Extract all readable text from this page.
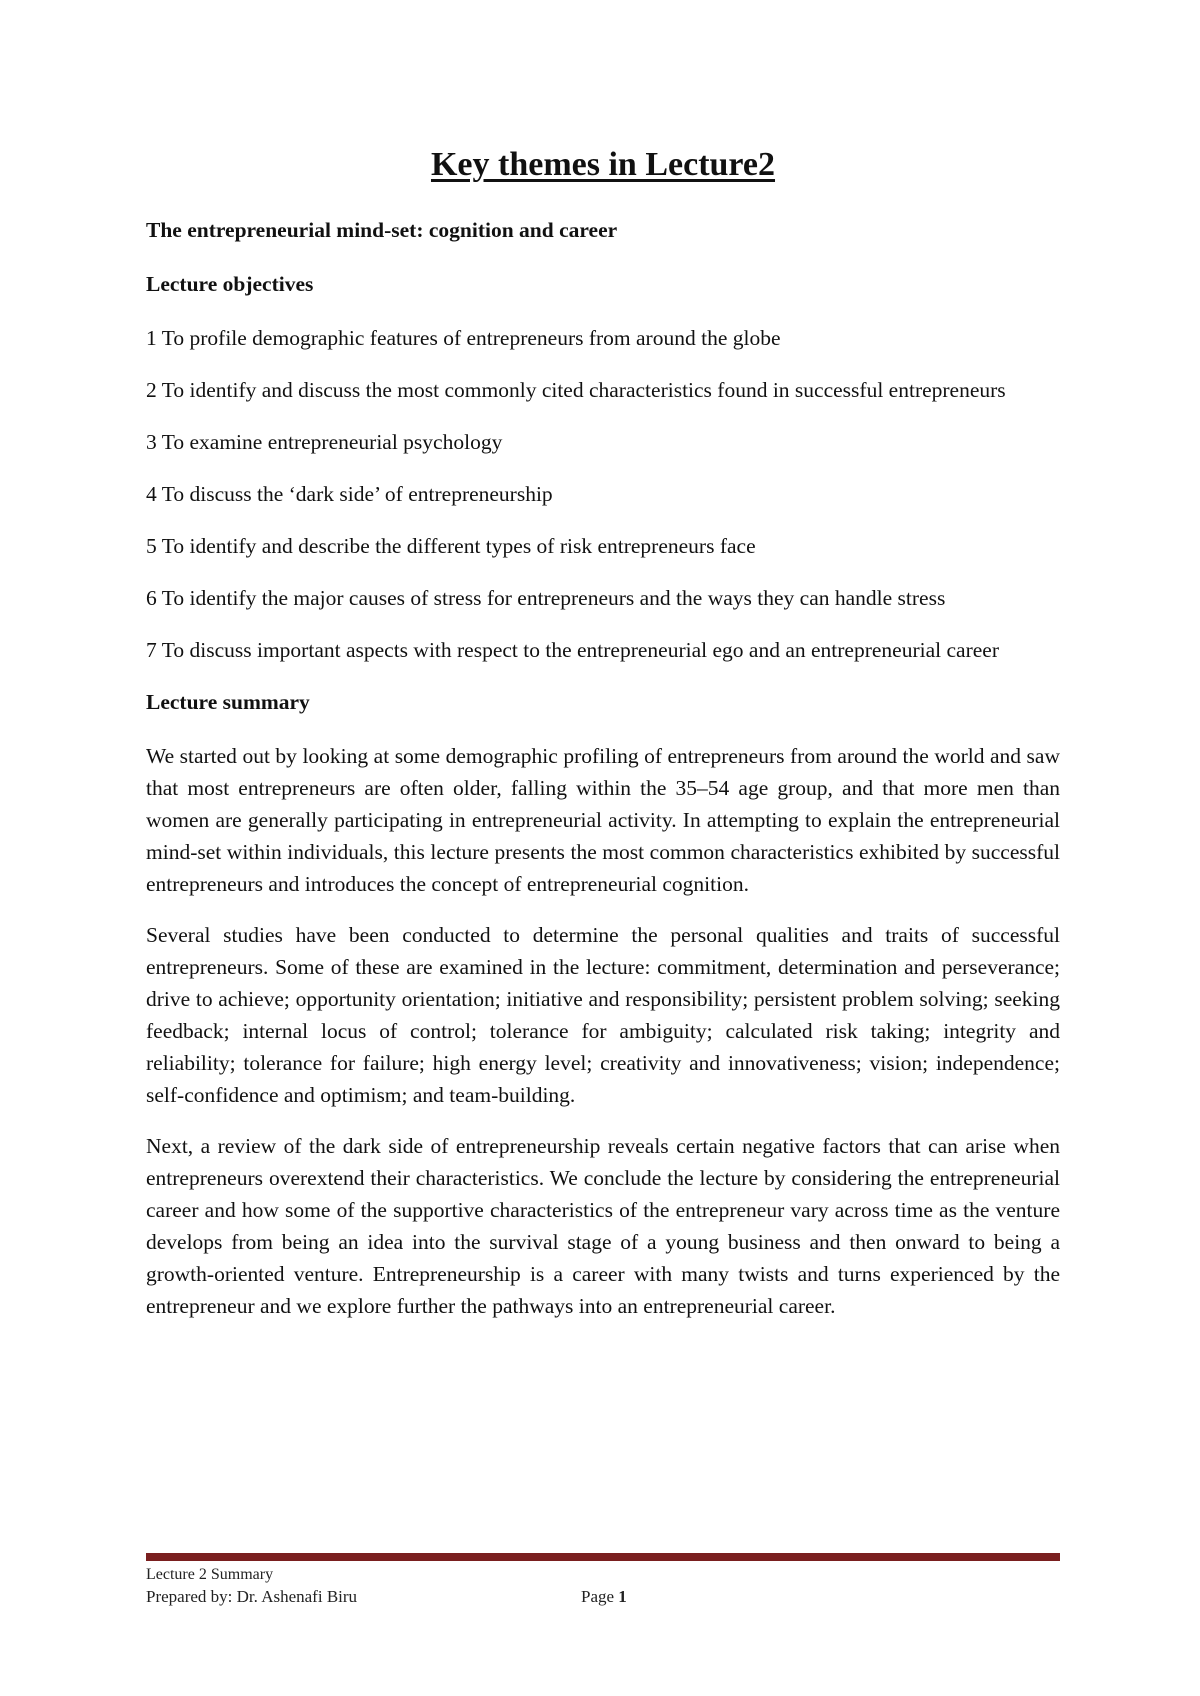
Key themes in Lecture2

The entrepreneurial mind-set: cognition and career

Lecture objectives

1 To profile demographic features of entrepreneurs from around the globe
2 To identify and discuss the most commonly cited characteristics found in successful entrepreneurs
3 To examine entrepreneurial psychology
4 To discuss the ‘dark side’ of entrepreneurship
5 To identify and describe the different types of risk entrepreneurs face
6 To identify the major causes of stress for entrepreneurs and the ways they can handle stress
7 To discuss important aspects with respect to the entrepreneurial ego and an entrepreneurial career

Lecture summary

We started out by looking at some demographic profiling of entrepreneurs from around the world and saw that most entrepreneurs are often older, falling within the 35–54 age group, and that more men than women are generally participating in entrepreneurial activity. In attempting to explain the entrepreneurial mind-set within individuals, this lecture presents the most common characteristics exhibited by successful entrepreneurs and introduces the concept of entrepreneurial cognition.

Several studies have been conducted to determine the personal qualities and traits of successful entrepreneurs. Some of these are examined in the lecture: commitment, determination and perseverance; drive to achieve; opportunity orientation; initiative and responsibility; persistent problem solving; seeking feedback; internal locus of control; tolerance for ambiguity; calculated risk taking; integrity and reliability; tolerance for failure; high energy level; creativity and innovativeness; vision; independence; self-confidence and optimism; and team-building.

Next, a review of the dark side of entrepreneurship reveals certain negative factors that can arise when entrepreneurs overextend their characteristics. We conclude the lecture by considering the entrepreneurial career and how some of the supportive characteristics of the entrepreneur vary across time as the venture develops from being an idea into the survival stage of a young business and then onward to being a growth-oriented venture. Entrepreneurship is a career with many twists and turns experienced by the entrepreneur and we explore further the pathways into an entrepreneurial career.

Lecture 2 Summary
Prepared by: Dr. Ashenafi Biru	Page 1
